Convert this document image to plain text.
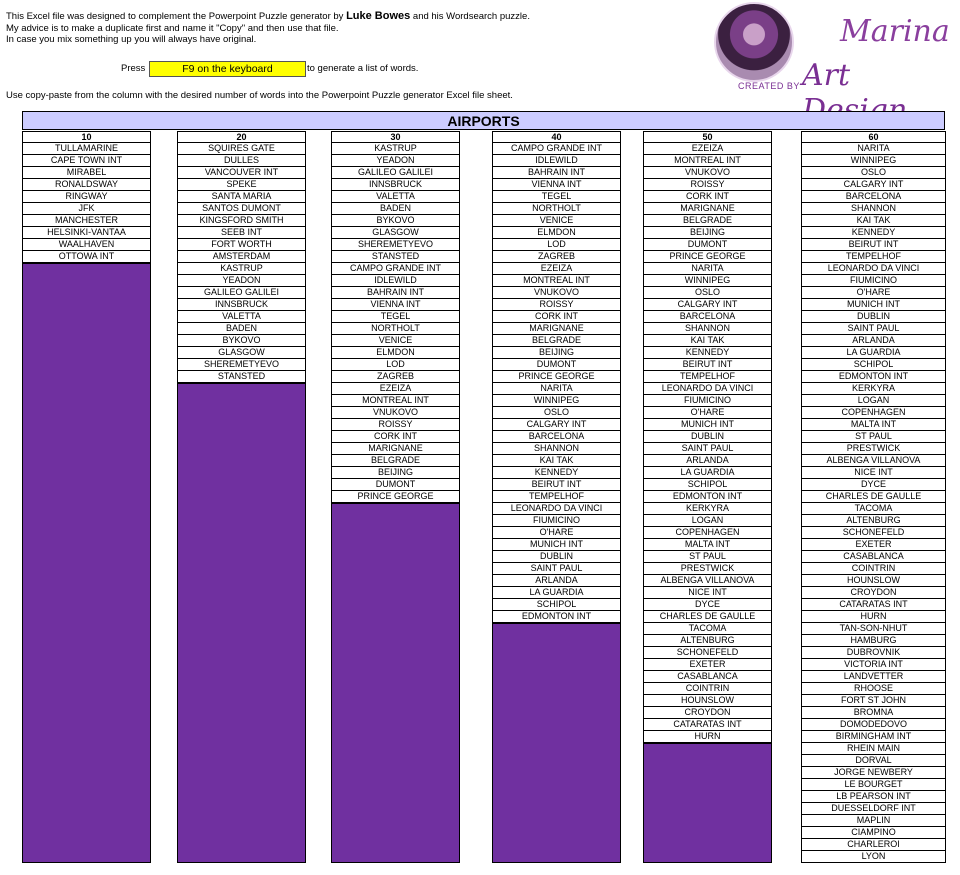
This Excel file was designed to complement the Powerpoint Puzzle generator by Luke Bowes and his Wordsearch puzzle.
My advice is to make a duplicate first and name it "Copy" and then use that file.
In case you mix something up you will always have original.
Press	F9 on the keyboard	to generate a list of words.
Use copy-paste from the column with the desired number of words into the Powerpoint Puzzle generator Excel file sheet.
Marina
CREATED BY Art
AIRPORTS
10
TULLAMARINE
CAPE TOWN INT
MIRABEL
RONALDSWAY
RINGWAY
JFK
MANCHESTER
HELSINKI-VANTAA
WAALHAVEN
OTTOWA INT
20
SQUIRES GATE
DULLES
VANCOUVER INT
SPEKE
SANTA MARIA
SANTOS DUMONT
KINGSFORD SMITH
SEEB INT
FORT WORTH
AMSTERDAM
KASTRUP
YEADON
GALILEO GALILEI
INNSBRUCK
VALETTA
BADEN
BYKOVO
GLASGOW
SHEREMETYEVO
STANSTED
30
KASTRUP
YEADON
GALILEO GALILEI
INNSBRUCK
VALETTA
BADEN
BYKOVO
GLASGOW
SHEREMETYEVO
STANSTED
CAMPO GRANDE INT
IDLEWILD
BAHRAIN INT
VIENNA INT
TEGEL
NORTHOLT
VENICE
ELMDON
LOD
ZAGREB
EZEIZA
MONTREAL INT
VNUKOVO
ROISSY
CORK INT
MARIGNANE
BELGRADE
BEIJING
DUMONT
PRINCE GEORGE
40
CAMPO GRANDE INT
IDLEWILD
BAHRAIN INT
VIENNA INT
TEGEL
NORTHOLT
VENICE
ELMDON
LOD
ZAGREB
EZEIZA
MONTREAL INT
VNUKOVO
ROISSY
CORK INT
MARIGNANE
BELGRADE
BEIJING
DUMONT
PRINCE GEORGE
NARITA
WINNIPEG
OSLO
CALGARY INT
BARCELONA
SHANNON
KAI TAK
KENNEDY
BEIRUT INT
TEMPELHOF
LEONARDO DA VINCI
FIUMICINO
O'HARE
MUNICH INT
DUBLIN
SAINT PAUL
ARLANDA
LA GUARDIA
SCHIPOL
EDMONTON INT
50
EZEIZA
MONTREAL INT
VNUKOVO
ROISSY
CORK INT
MARIGNANE
BELGRADE
BEIJING
DUMONT
PRINCE GEORGE
NARITA
WINNIPEG
OSLO
CALGARY INT
BARCELONA
SHANNON
KAI TAK
KENNEDY
BEIRUT INT
TEMPELHOF
LEONARDO DA VINCI
FIUMICINO
O'HARE
MUNICH INT
DUBLIN
SAINT PAUL
ARLANDA
LA GUARDIA
SCHIPOL
EDMONTON INT
KERKYRA
LOGAN
COPENHAGEN
MALTA INT
ST PAUL
PRESTWICK
ALBENGA VILLANOVA
NICE INT
DYCE
CHARLES DE GAULLE
TACOMA
ALTENBURG
SCHONEFELD
EXETER
CASABLANCA
COINTRIN
HOUNSLOW
CROYDON
CATARATAS INT
HURN
60
NARITA
WINNIPEG
OSLO
CALGARY INT
BARCELONA
SHANNON
KAI TAK
KENNEDY
BEIRUT INT
TEMPELHOF
LEONARDO DA VINCI
FIUMICINO
O'HARE
MUNICH INT
DUBLIN
SAINT PAUL
ARLANDA
LA GUARDIA
SCHIPOL
EDMONTON INT
KERKYRA
LOGAN
COPENHAGEN
MALTA INT
ST PAUL
PRESTWICK
ALBENGA VILLANOVA
NICE INT
DYCE
CHARLES DE GAULLE
TACOMA
ALTENBURG
SCHONEFELD
EXETER
CASABLANCA
COINTRIN
HOUNSLOW
CROYDON
CATARATAS INT
HURN
TAN-SON-NHUT
HAMBURG
DUBROVNIK
VICTORIA INT
LANDVETTER
RHOOSE
FORT ST JOHN
BROMNA
DOMODEDOVO
BIRMINGHAM INT
RHEIN MAIN
DORVAL
JORGE NEWBERY
LE BOURGET
LB PEARSON INT
DUESSELDORF INT
MAPLIN
CIAMPINO
CHARLEROI
LYON
